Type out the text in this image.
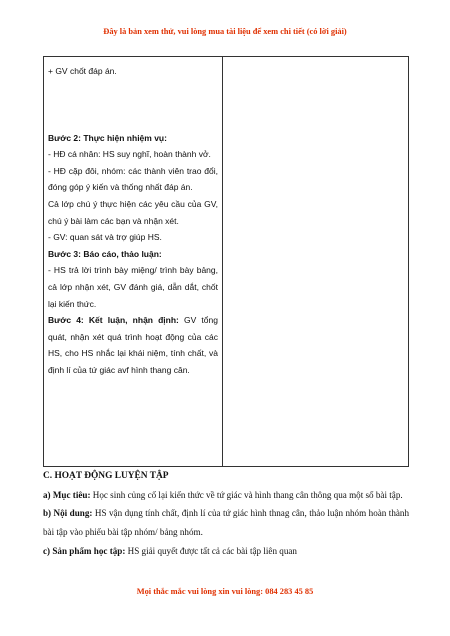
Đây là bản xem thử, vui lòng mua tài liệu để xem chi tiết (có lời giải)

+ GV chốt đáp án.

Bước 2: Thực hiện nhiệm vụ:

- HĐ cá nhân: HS suy nghĩ, hoàn thành vở.

- HĐ cặp đôi, nhóm: các thành viên trao đổi, đóng góp ý kiến và thống nhất đáp án.

Cả lớp chú ý thực hiện các yêu cầu của GV, chú ý bài làm các bạn và nhận xét.

- GV: quan sát và trợ giúp HS.

Bước 3: Báo cáo, thảo luận:

- HS trả lời trình bày miệng/ trình bày bảng, cả lớp nhận xét, GV đánh giá, dẫn dắt, chốt lại kiến thức.

Bước 4: Kết luận, nhận định: GV tổng quát, nhận xét quá trình hoạt động của các HS, cho HS nhắc lại khái niệm, tính chất, và định lí của tứ giác avf hình thang cân.

C. HOẠT ĐỘNG LUYỆN TẬP

a) Mục tiêu: Học sinh củng cố lại kiến thức về tứ giác và hình thang cân thông qua một số bài tập.

b) Nội dung: HS vận dụng tính chất, định lí của tứ giác hình thnag cân, thảo luận nhóm hoàn thành bài tập vào phiếu bài tập nhóm/ bảng nhóm.

c) Sản phẩm học tập: HS giải quyết được tất cả các bài tập liên quan

Mọi thắc mắc vui lòng xin vui lòng: 084 283 45 85
